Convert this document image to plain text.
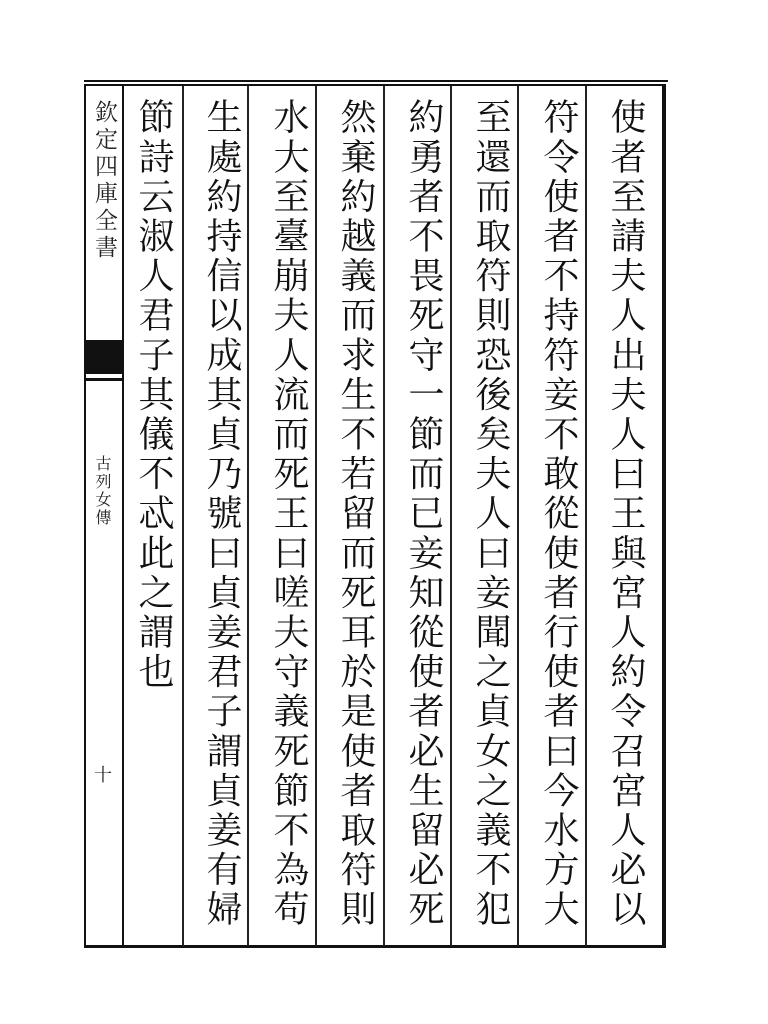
欽定四庫全書
古列女傳
十	使者至請夫人出夫人曰王與宮人約令召宮人必以
符令使者不持符妾不敢從使者行使者曰今水方大
至還而取符則恐後矣夫人曰妾聞之貞女之義不犯
約勇者不畏死守一節而已妾知從使者必生留必死
然棄約越義而求生不若留而死耳於是使者取符則
水大至臺崩夫人流而死王曰嗟夫守義死節不為苟
生處約持信以成其貞乃號曰貞姜君子謂貞姜有婦
節詩云淑人君子其儀不忒此之謂也
